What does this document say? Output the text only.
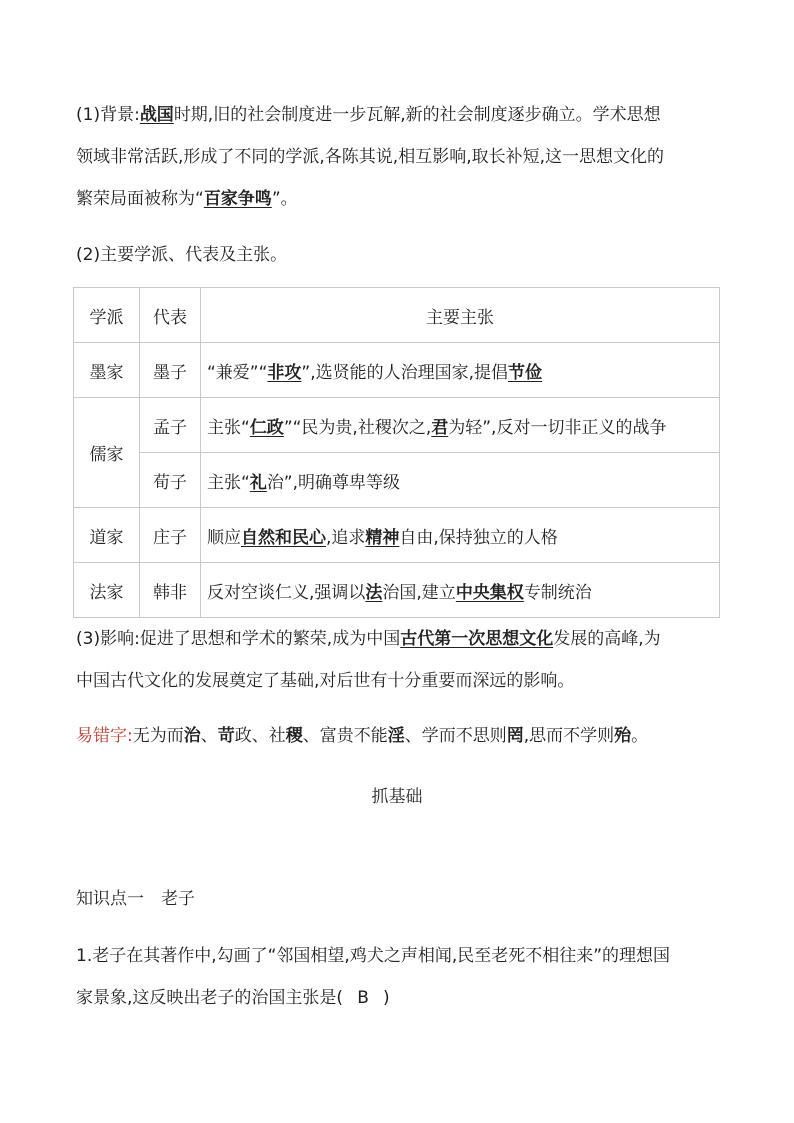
(1)背景:战国时期,旧的社会制度进一步瓦解,新的社会制度逐步确立。学术思想
领域非常活跃,形成了不同的学派,各陈其说,相互影响,取长补短,这一思想文化的
繁荣局面被称为“百家争鸣”。
(2)主要学派、代表及主张。
学派	代表	主要主张
墨家	墨子	“兼爱”“非攻”,选贤能的人治理国家,提倡节俭
儒家	孟子	主张“仁政”“民为贵,社稷次之,君为轻”,反对一切非正义的战争
	荀子	主张“礼治”,明确尊卑等级
道家	庄子	顺应自然和民心,追求精神自由,保持独立的人格
法家	韩非	反对空谈仁义,强调以法治国,建立中央集权专制统治
(3)影响:促进了思想和学术的繁荣,成为中国古代第一次思想文化发展的高峰,为
中国古代文化的发展奠定了基础,对后世有十分重要而深远的影响。
易错字:无为而治、苛政、社稷、富贵不能淫、学而不思则罔,思而不学则殆。
抓基础
知识点一　老子
1.老子在其著作中,勾画了“邻国相望,鸡犬之声相闻,民至老死不相往来”的理想国
家景象,这反映出老子的治国主张是( B )
